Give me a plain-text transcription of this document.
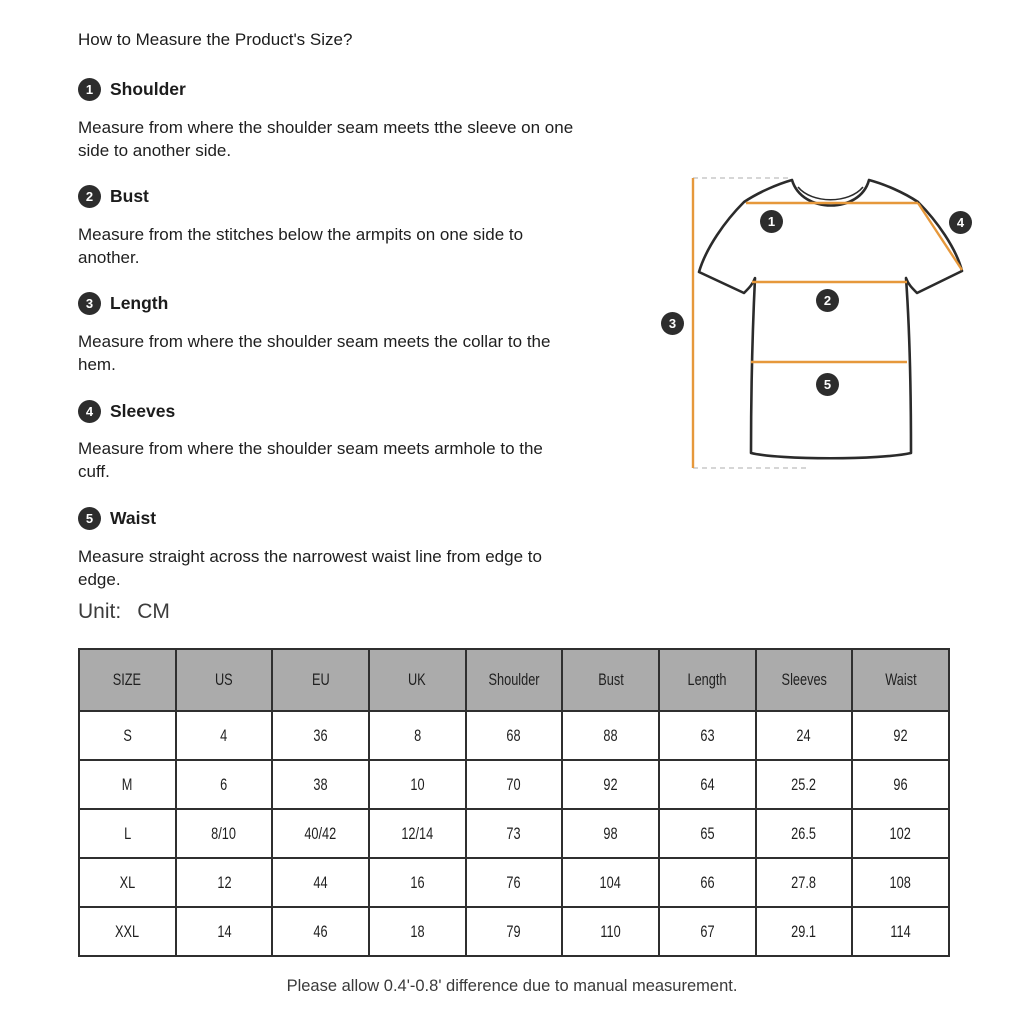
How to Measure the Product's Size?
1 Shoulder

Measure from where the shoulder seam meets tthe sleeve on one
side to another side.

2 Bust

Measure from the stitches below the armpits on one side to
another.

3 Length

Measure from where the shoulder seam meets the collar to the
hem.

4 Sleeves

Measure from where the shoulder seam meets armhole to the
cuff.

5 Waist

Measure straight across the narrowest waist line from edge to
edge.

Unit: CM
1
2
3
4
5
SIZE	US	EU	UK	Shoulder	Bust	Length	Sleeves	Waist
S	4	36	8	68	88	63	24	92
M	6	38	10	70	92	64	25.2	96
L	8/10	40/42	12/14	73	98	65	26.5	102
XL	12	44	16	76	104	66	27.8	108
XXL	14	46	18	79	110	67	29.1	114
Please allow 0.4'-0.8' difference due to manual measurement.
